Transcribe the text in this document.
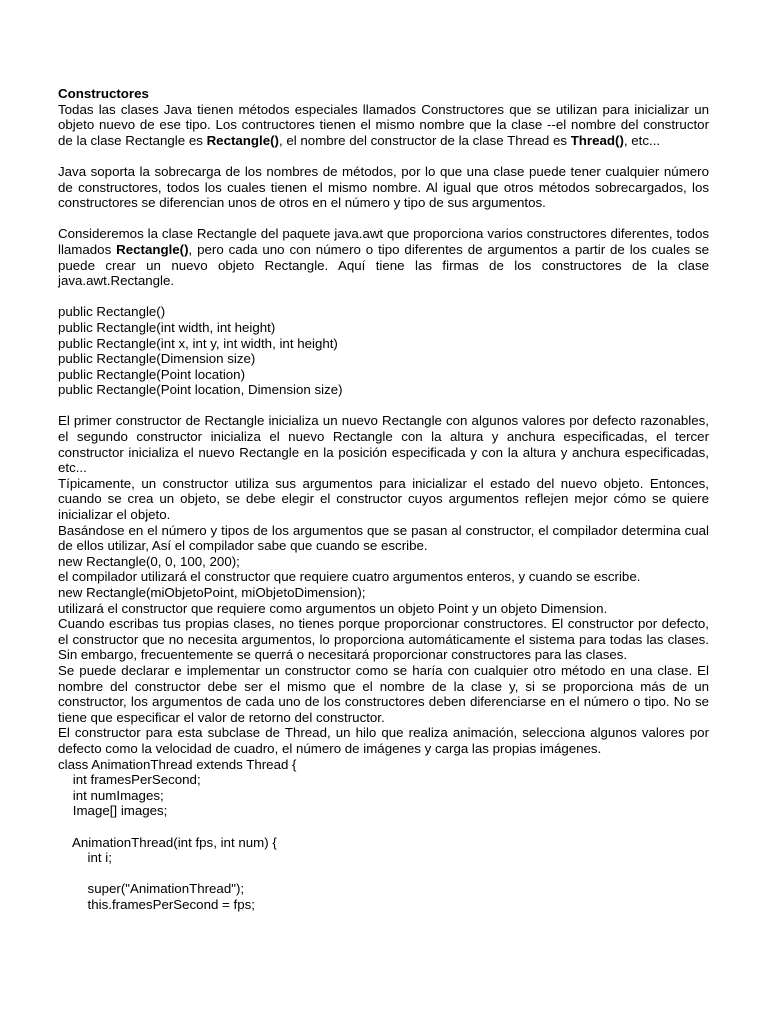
Constructores

Todas las clases Java tienen métodos especiales llamados Constructores que se utilizan para inicializar un objeto nuevo de ese tipo. Los contructores tienen el mismo nombre que la clase --el nombre del constructor de la clase Rectangle es Rectangle(), el nombre del constructor de la clase Thread es Thread(), etc...

Java soporta la sobrecarga de los nombres de métodos, por lo que una clase puede tener cualquier número de constructores, todos los cuales tienen el mismo nombre. Al igual que otros métodos sobrecargados, los constructores se diferencian unos de otros en el número y tipo de sus argumentos.

Consideremos la clase Rectangle del paquete java.awt que proporciona varios constructores diferentes, todos llamados Rectangle(), pero cada uno con número o tipo diferentes de argumentos a partir de los cuales se puede crear un nuevo objeto Rectangle. Aquí tiene las firmas de los constructores de la clase java.awt.Rectangle.

public Rectangle()

public Rectangle(int width, int height)

public Rectangle(int x, int y, int width, int height)

public Rectangle(Dimension size)

public Rectangle(Point location)

public Rectangle(Point location, Dimension size)

El primer constructor de Rectangle inicializa un nuevo Rectangle con algunos valores por defecto razonables, el segundo constructor inicializa el nuevo Rectangle con la altura y anchura especificadas, el tercer constructor inicializa el nuevo Rectangle en la posición especificada y con la altura y anchura especificadas, etc...

Típicamente, un constructor utiliza sus argumentos para inicializar el estado del nuevo objeto. Entonces, cuando se crea un objeto, se debe elegir el constructor cuyos argumentos reflejen mejor cómo se quiere inicializar el objeto.

Basándose en el número y tipos de los argumentos que se pasan al constructor, el compilador determina cual de ellos utilizar, Así el compilador sabe que cuando se escribe.

new Rectangle(0, 0, 100, 200);

el compilador utilizará el constructor que requiere cuatro argumentos enteros, y cuando se escribe.

new Rectangle(miObjetoPoint, miObjetoDimension);

utilizará el constructor que requiere como argumentos un objeto Point y un objeto Dimension.

Cuando escribas tus propias clases, no tienes porque proporcionar constructores. El constructor por defecto, el constructor que no necesita argumentos, lo proporciona automáticamente el sistema para todas las clases. Sin embargo, frecuentemente se querrá o necesitará proporcionar constructores para las clases.

Se puede declarar e implementar un constructor como se haría con cualquier otro método en una clase. El nombre del constructor debe ser el mismo que el nombre de la clase y, si se proporciona más de un constructor, los argumentos de cada uno de los constructores deben diferenciarse en el número o tipo. No se tiene que especificar el valor de retorno del constructor.

El constructor para esta subclase de Thread, un hilo que realiza animación, selecciona algunos valores por defecto como la velocidad de cuadro, el número de imágenes y carga las propias imágenes.

class AnimationThread extends Thread {

int framesPerSecond;

int numImages;

Image[] images;

AnimationThread(int fps, int num) {

int i;

super("AnimationThread");

this.framesPerSecond = fps;
